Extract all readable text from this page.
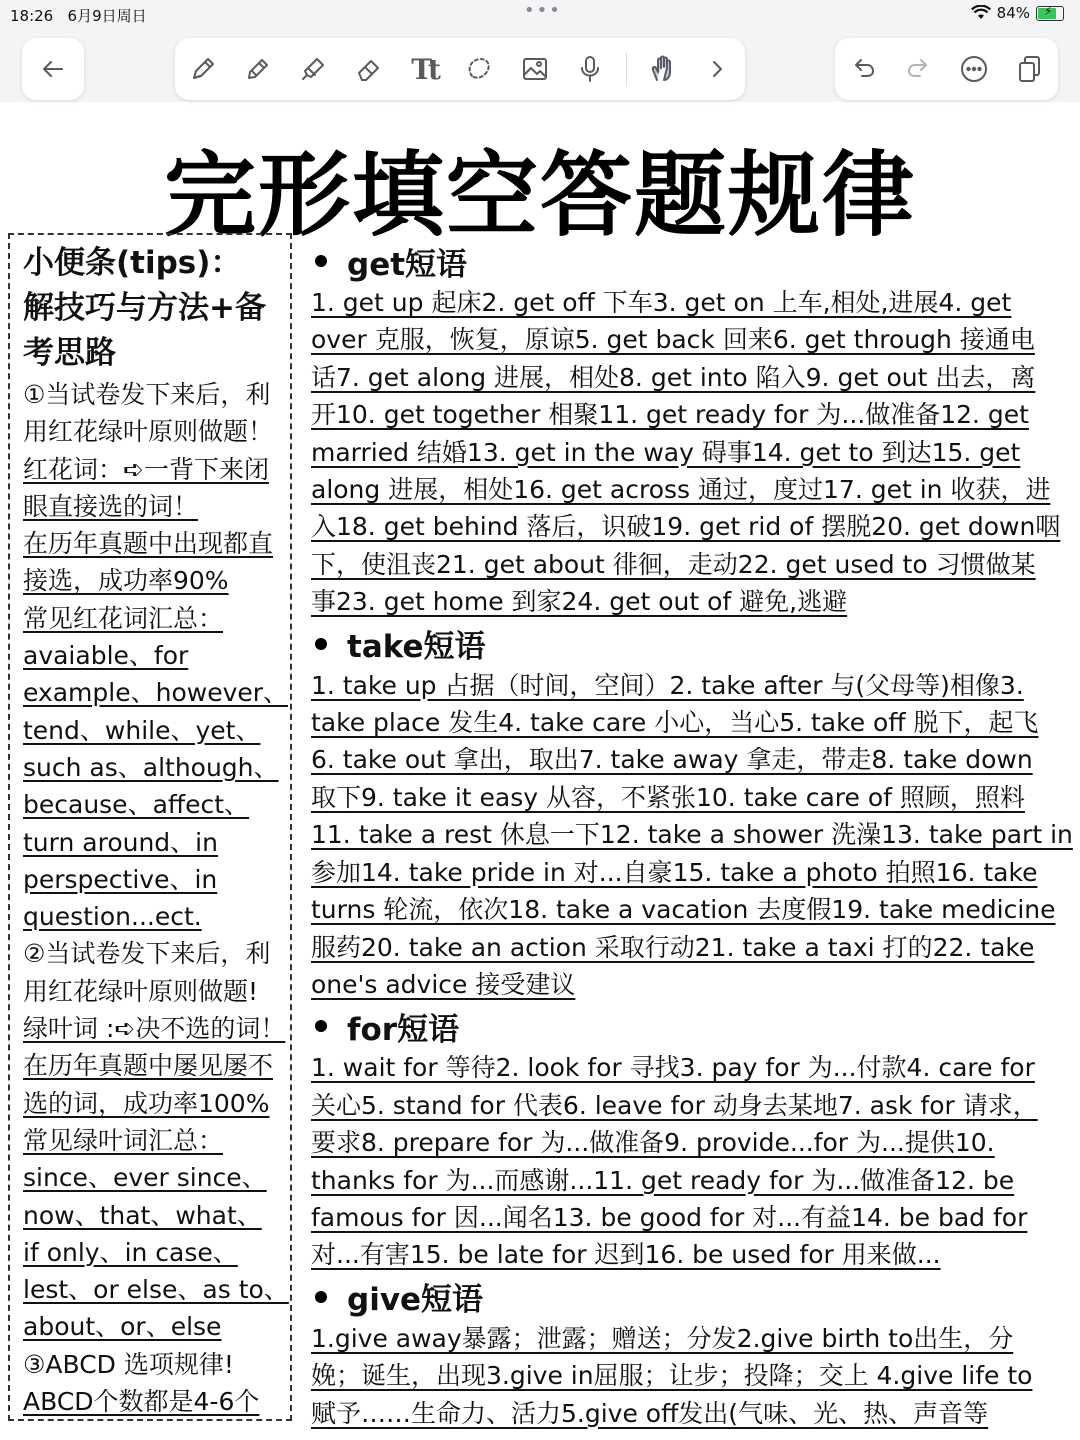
18:26 6月9日周日	•••	84% ⚡
Tt
完形填空答题规律
小便条(tips)：
解技巧与方法+备
考思路
①当试卷发下来后，利
用红花绿叶原则做题！
红花词：➪一背下来闭
眼直接选的词！
在历年真题中出现都直
接选，成功率90%
常见红花词汇总：
avaiable、for
example、however、
tend、while、yet、
such as、although、
because、affect、
turn around、in
perspective、in
question...ect.
②当试卷发下来后，利
用红花绿叶原则做题!
绿叶词 :➪决不选的词！
在历年真题中屡见屡不
选的词，成功率100%
常见绿叶词汇总：
since、ever since、
now、that、what、
if only、in case、
lest、or else、as to、
about、or、else
③ABCD 选项规律!
ABCD个数都是4-6个
get短语
1. get up 起床2. get off 下车3. get on 上车,相处,进展4. get
over 克服，恢复，原谅5. get back 回来6. get through 接通电
话7. get along 进展，相处8. get into 陷入9. get out 出去，离
开10. get together 相聚11. get ready for 为...做准备12. get
married 结婚13. get in the way 碍事14. get to 到达15. get
along 进展，相处16. get across 通过，度过17. get in 收获，进
入18. get behind 落后，识破19. get rid of 摆脱20. get down咽
下，使沮丧21. get about 徘徊，走动22. get used to 习惯做某
事23. get home 到家24. get out of 避免,逃避
take短语
1. take up 占据（时间，空间）2. take after 与(父母等)相像3.
take place 发生4. take care 小心，当心5. take off 脱下，起飞
6. take out 拿出，取出7. take away 拿走，带走8. take down
取下9. take it easy 从容，不紧张10. take care of 照顾，照料
11. take a rest 休息一下12. take a shower 洗澡13. take part in
参加14. take pride in 对...自豪15. take a photo 拍照16. take
turns 轮流，依次18. take a vacation 去度假19. take medicine
服药20. take an action 采取行动21. take a taxi 打的22. take
one's advice 接受建议
for短语
1. wait for 等待2. look for 寻找3. pay for 为...付款4. care for
关心5. stand for 代表6. leave for 动身去某地7. ask for 请求，
要求8. prepare for 为...做准备9. provide...for 为...提供10.
thanks for 为...而感谢...11. get ready for 为...做准备12. be
famous for 因...闻名13. be good for 对...有益14. be bad for
对...有害15. be late for 迟到16. be used for 用来做...
give短语
1.give away暴露；泄露；赠送；分发2.give birth to出生，分
娩；诞生，出现3.give in屈服；让步；投降；交上 4.give life to
赋予……生命力、活力5.give off发出(气味、光、热、声音等
